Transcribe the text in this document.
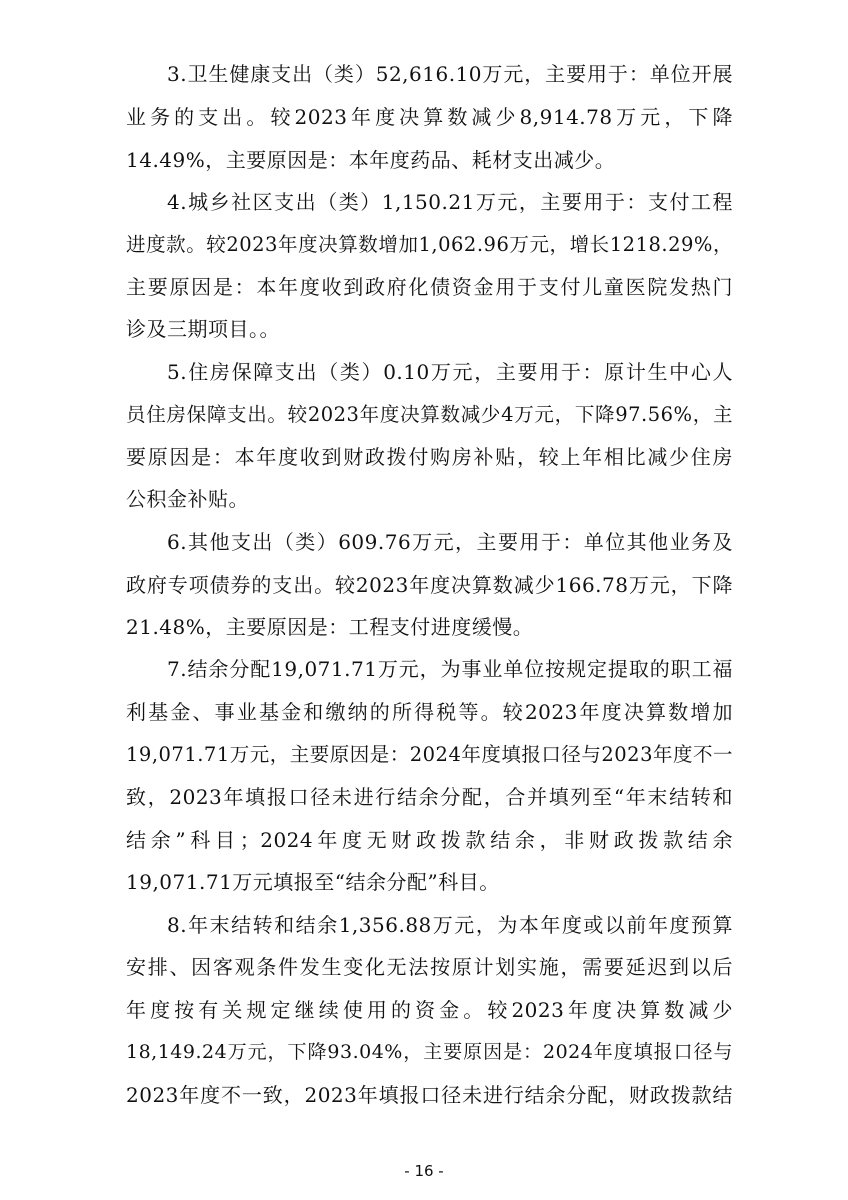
3.卫生健康支出（类）52,616.10万元，主要用于：单位开展
业务的支出。较2023年度决算数减少8,914.78万元，下降
14.49%，主要原因是：本年度药品、耗材支出减少。
4.城乡社区支出（类）1,150.21万元，主要用于：支付工程
进度款。较2023年度决算数增加1,062.96万元，增长1218.29%，
主要原因是：本年度收到政府化债资金用于支付儿童医院发热门
诊及三期项目。。
5.住房保障支出（类）0.10万元，主要用于：原计生中心人
员住房保障支出。较2023年度决算数减少4万元，下降97.56%，主
要原因是：本年度收到财政拨付购房补贴，较上年相比减少住房
公积金补贴。
6.其他支出（类）609.76万元，主要用于：单位其他业务及
政府专项债券的支出。较2023年度决算数减少166.78万元，下降
21.48%，主要原因是：工程支付进度缓慢。
7.结余分配19,071.71万元，为事业单位按规定提取的职工福
利基金、事业基金和缴纳的所得税等。较2023年度决算数增加
19,071.71万元，主要原因是：2024年度填报口径与2023年度不一
致，2023年填报口径未进行结余分配，合并填列至“年末结转和
结余”科目；2024年度无财政拨款结余，非财政拨款结余
19,071.71万元填报至“结余分配”科目。
8.年末结转和结余1,356.88万元，为本年度或以前年度预算
安排、因客观条件发生变化无法按原计划实施，需要延迟到以后
年度按有关规定继续使用的资金。较2023年度决算数减少
18,149.24万元，下降93.04%，主要原因是：2024年度填报口径与
2023年度不一致，2023年填报口径未进行结余分配，财政拨款结
- 16 -
